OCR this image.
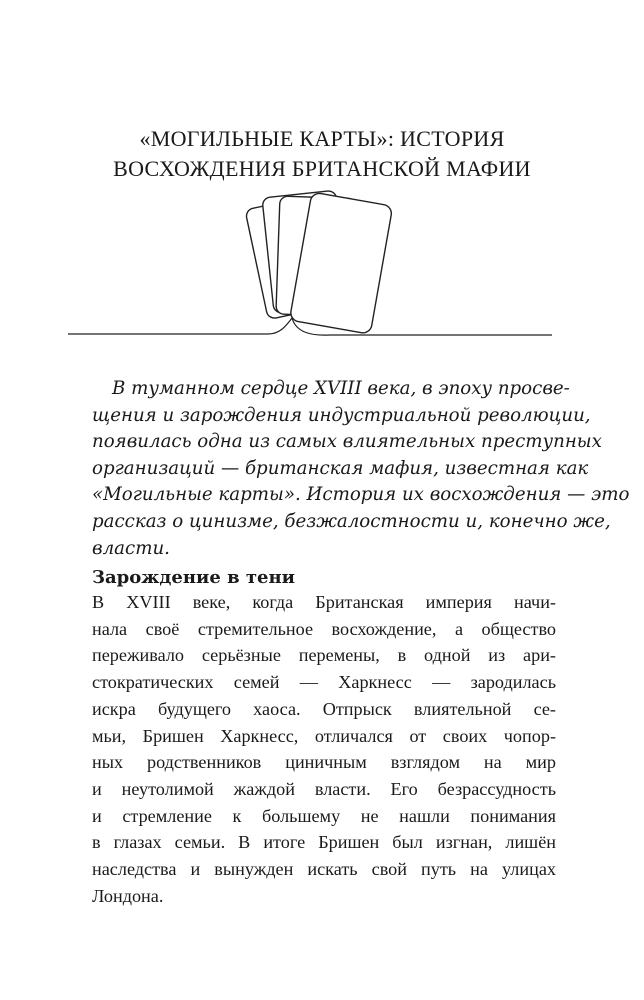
«МОГИЛЬНЫЕ КАРТЫ»: ИСТОРИЯ
ВОСХОЖДЕНИЯ БРИТАНСКОЙ МАФИИ
В туманном сердце XVIII века, в эпоху просве-
щения и зарождения индустриальной революции,
появилась одна из самых влиятельных преступных
организаций — британская мафия, известная как
«Могильные карты». История их восхождения — это
рассказ о цинизме, безжалостности и, конечно же,
власти.
Зарождение в тени
В XVIII веке, когда Британская империя начи-
нала своё стремительное восхождение, а общество
переживало серьёзные перемены, в одной из ари-
стократических семей — Харкнесс — зародилась
искра будущего хаоса. Отпрыск влиятельной се-
мьи, Бришен Харкнесс, отличался от своих чопор-
ных родственников циничным взглядом на мир
и неутолимой жаждой власти. Его безрассудность
и стремление к большему не нашли понимания
в глазах семьи. В итоге Бришен был изгнан, лишён
наследства и вынужден искать свой путь на улицах
Лондона.
